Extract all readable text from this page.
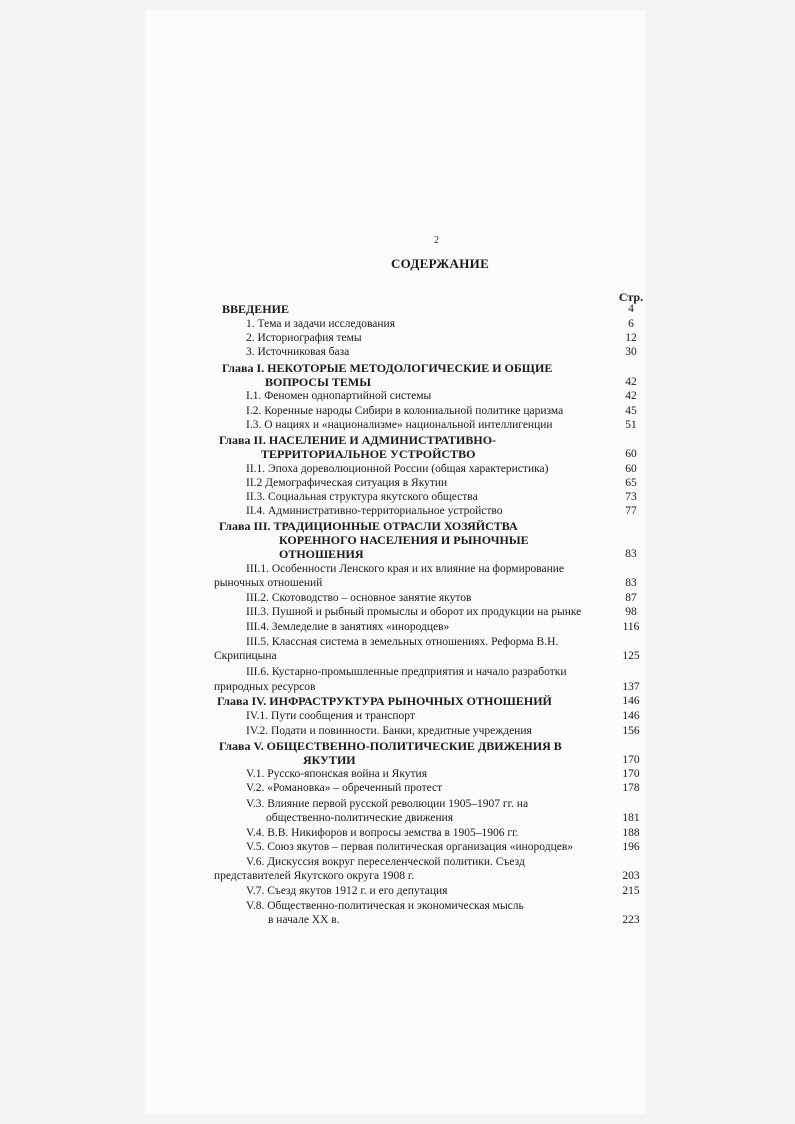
2
СОДЕРЖАНИЕ
Стр.
ВВЕДЕНИЕ	4
1. Тема и задачи исследования	6
2. Историография темы	12
3. Источниковая база	30
Глава I. НЕКОТОРЫЕ МЕТОДОЛОГИЧЕСКИЕ И ОБЩИЕ
ВОПРОСЫ ТЕМЫ	42
I.1. Феномен однопартийной системы	42
I.2. Коренные народы Сибири в колониальной политике царизма	45
I.3. О нациях и «национализме» национальной интеллигенции	51
Глава II. НАСЕЛЕНИЕ И АДМИНИСТРАТИВНО-
ТЕРРИТОРИАЛЬНОЕ УСТРОЙСТВО	60
II.1. Эпоха дореволюционной России (общая характеристика)	60
II.2 Демографическая ситуация в Якутии	65
II.3. Социальная структура якутского общества	73
II.4. Административно-территориальное устройство	77
Глава III. ТРАДИЦИОННЫЕ ОТРАСЛИ ХОЗЯЙСТВА
КОРЕННОГО НАСЕЛЕНИЯ И РЫНОЧНЫЕ
ОТНОШЕНИЯ	83
III.1. Особенности Ленского края и их влияние на формирование
рыночных отношений	83
III.2. Скотоводство – основное занятие якутов	87
III.3. Пушной и рыбный промыслы и оборот их продукции на рынке	98
III.4. Земледелие в занятиях «инородцев»	116
III.5. Классная система в земельных отношениях. Реформа В.Н.
Скрипицына	125
III.6. Кустарно-промышленные предприятия и начало разработки
природных ресурсов	137
Глава IV. ИНФРАСТРУКТУРА РЫНОЧНЫХ ОТНОШЕНИЙ	146
IV.1. Пути сообщения и транспорт	146
IV.2. Подати и повинности. Банки, кредитные учреждения	156
Глава V. ОБЩЕСТВЕННО-ПОЛИТИЧЕСКИЕ ДВИЖЕНИЯ В
ЯКУТИИ	170
V.1. Русско-японская война и Якутия	170
V.2. «Романовка» – обреченный протест	178
V.3. Влияние первой русской революции 1905–1907 гг. на
общественно-политические движения	181
V.4. В.В. Никифоров и вопросы земства в 1905–1906 гг.	188
V.5. Союз якутов – первая политическая организация «инородцев»	196
V.6. Дискуссия вокруг переселенческой политики. Съезд
представителей Якутского округа 1908 г.	203
V.7. Съезд якутов 1912 г. и его депутация	215
V.8. Общественно-политическая и экономическая мысль
в начале XX в.	223
